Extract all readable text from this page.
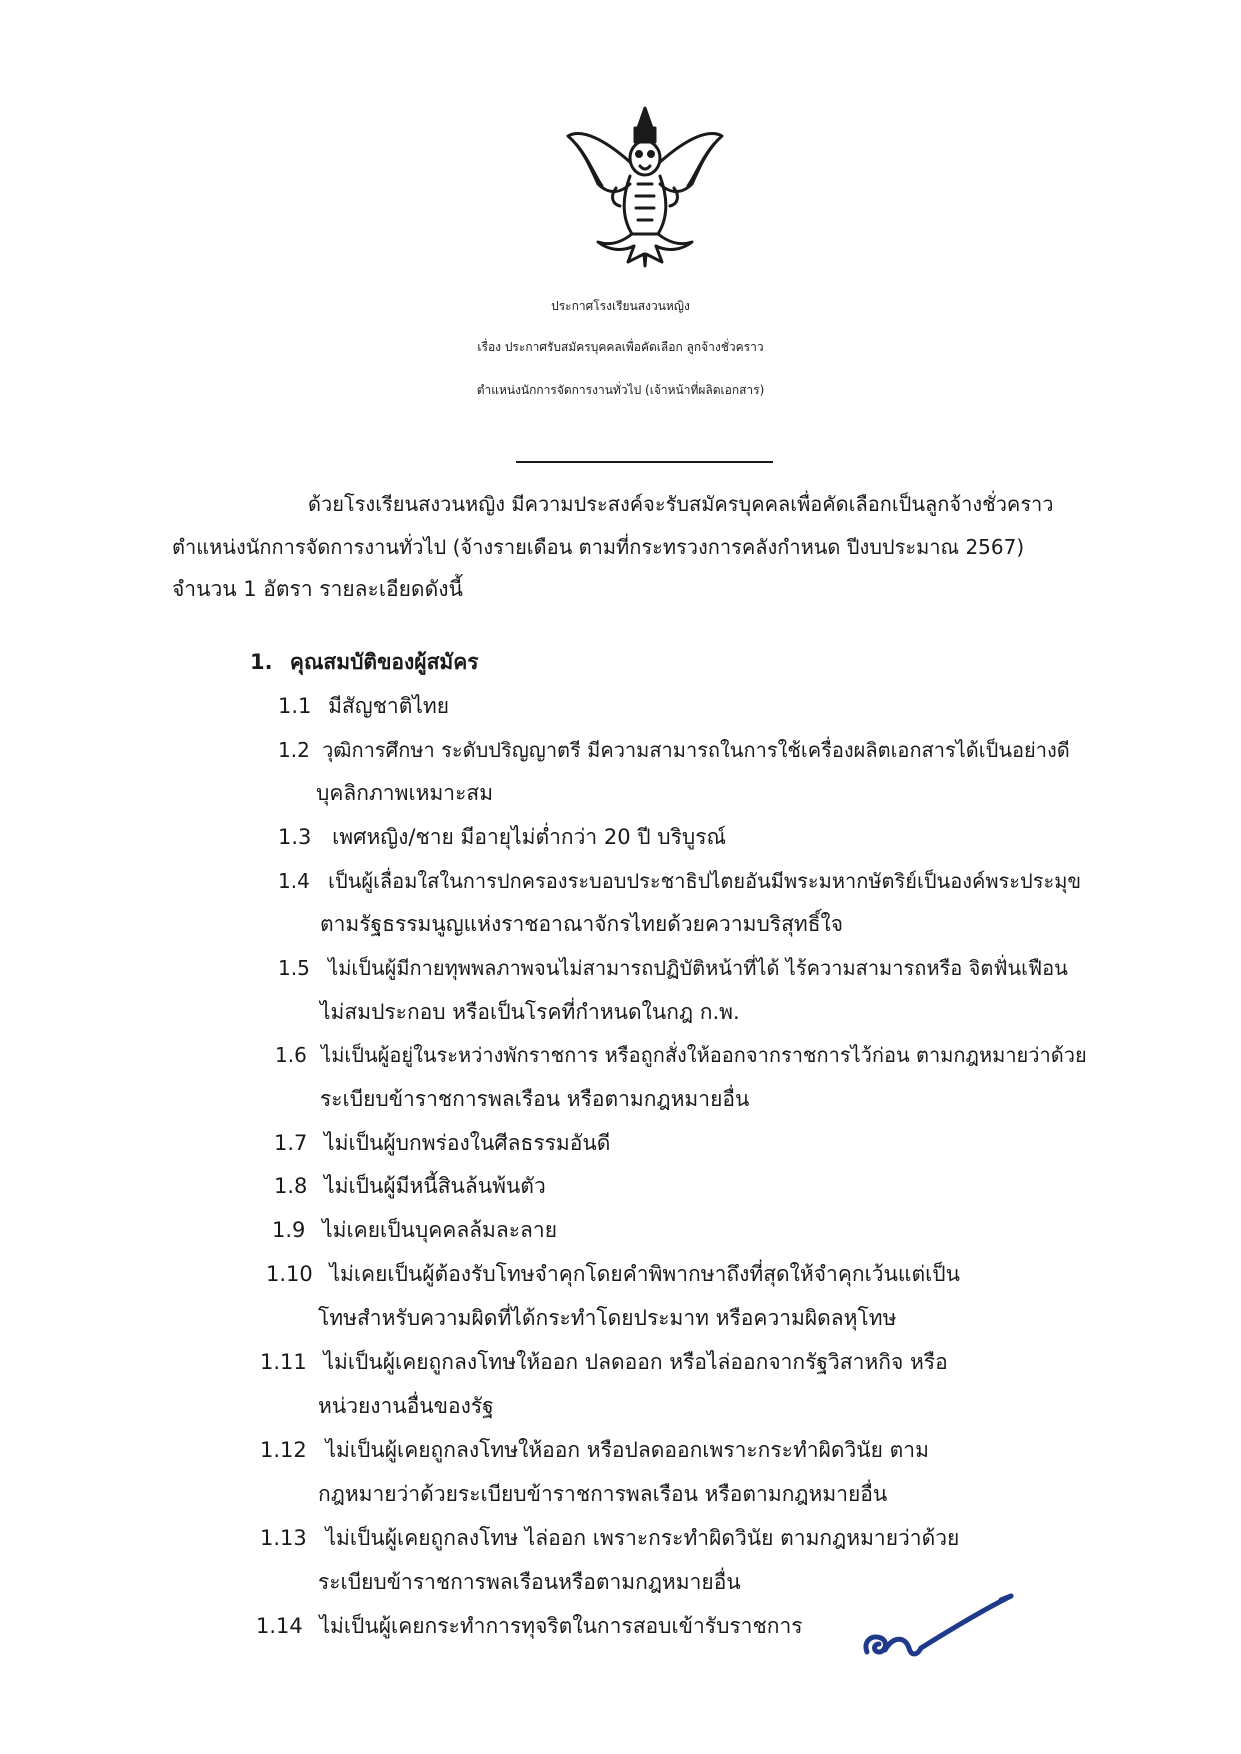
ประกาศโรงเรียนสงวนหญิง
เรื่อง ประกาศรับสมัครบุคคลเพื่อคัดเลือก ลูกจ้างชั่วคราว
ตำแหน่งนักการจัดการงานทั่วไป (เจ้าหน้าที่ผลิตเอกสาร)
ด้วยโรงเรียนสงวนหญิง มีความประสงค์จะรับสมัครบุคคลเพื่อคัดเลือกเป็นลูกจ้างชั่วคราว
ตำแหน่งนักการจัดการงานทั่วไป (จ้างรายเดือน ตามที่กระทรวงการคลังกำหนด ปีงบประมาณ 2567)
จำนวน 1 อัตรา รายละเอียดดังนี้
1. คุณสมบัติของผู้สมัคร
1.1 มีสัญชาติไทย
1.2 วุฒิการศึกษา ระดับปริญญาตรี มีความสามารถในการใช้เครื่องผลิตเอกสารได้เป็นอย่างดี
บุคลิกภาพเหมาะสม
1.3 เพศหญิง/ชาย มีอายุไม่ต่ำกว่า 20 ปี บริบูรณ์
1.4 เป็นผู้เลื่อมใสในการปกครองระบอบประชาธิปไตยอันมีพระมหากษัตริย์เป็นองค์พระประมุข
ตามรัฐธรรมนูญแห่งราชอาณาจักรไทยด้วยความบริสุทธิ์ใจ
1.5 ไม่เป็นผู้มีกายทุพพลภาพจนไม่สามารถปฏิบัติหน้าที่ได้ ไร้ความสามารถหรือ จิตฟั่นเฟือน
ไม่สมประกอบ หรือเป็นโรคที่กำหนดในกฎ ก.พ.
1.6 ไม่เป็นผู้อยู่ในระหว่างพักราชการ หรือถูกสั่งให้ออกจากราชการไว้ก่อน ตามกฎหมายว่าด้วย
ระเบียบข้าราชการพลเรือน หรือตามกฎหมายอื่น
1.7 ไม่เป็นผู้บกพร่องในศีลธรรมอันดี
1.8 ไม่เป็นผู้มีหนี้สินล้นพ้นตัว
1.9 ไม่เคยเป็นบุคคลล้มละลาย
1.10 ไม่เคยเป็นผู้ต้องรับโทษจำคุกโดยคำพิพากษาถึงที่สุดให้จำคุกเว้นแต่เป็น
โทษสำหรับความผิดที่ได้กระทำโดยประมาท หรือความผิดลหุโทษ
1.11 ไม่เป็นผู้เคยถูกลงโทษให้ออก ปลดออก หรือไล่ออกจากรัฐวิสาหกิจ หรือ
หน่วยงานอื่นของรัฐ
1.12 ไม่เป็นผู้เคยถูกลงโทษให้ออก หรือปลดออกเพราะกระทำผิดวินัย ตาม
กฎหมายว่าด้วยระเบียบข้าราชการพลเรือน หรือตามกฎหมายอื่น
1.13 ไม่เป็นผู้เคยถูกลงโทษ ไล่ออก เพราะกระทำผิดวินัย ตามกฎหมายว่าด้วย
ระเบียบข้าราชการพลเรือนหรือตามกฎหมายอื่น
1.14 ไม่เป็นผู้เคยกระทำการทุจริตในการสอบเข้ารับราชการ
